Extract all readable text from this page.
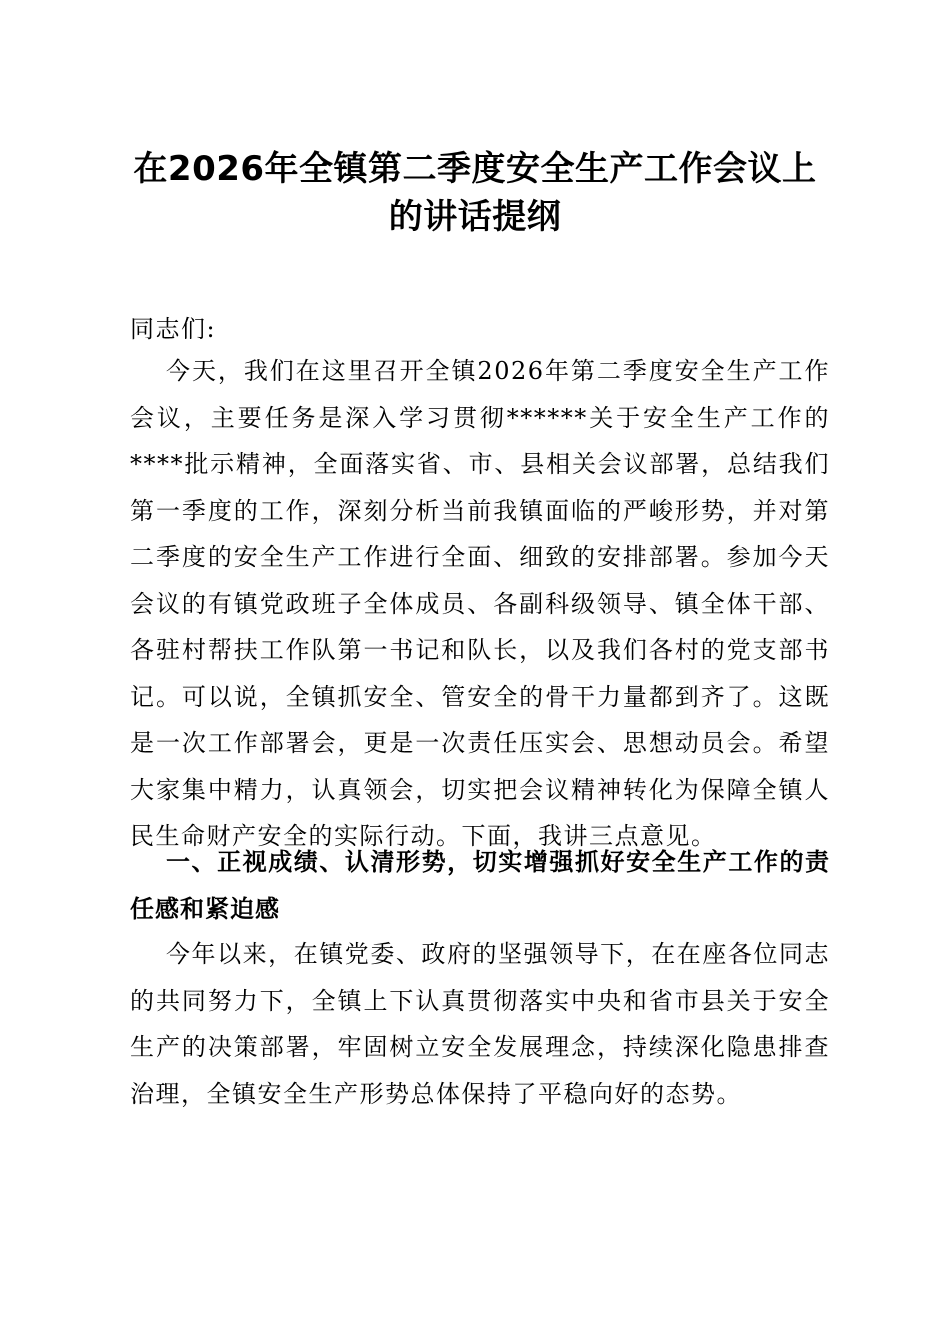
在2026年全镇第二季度安全生产工作会议上的讲话提纲
同志们:
今天，我们在这里召开全镇2026年第二季度安全生产工作会议，主要任务是深入学习贯彻******关于安全生产工作的****批示精神，全面落实省、市、县相关会议部署，总结我们第一季度的工作，深刻分析当前我镇面临的严峻形势，并对第二季度的安全生产工作进行全面、细致的安排部署。参加今天会议的有镇党政班子全体成员、各副科级领导、镇全体干部、各驻村帮扶工作队第一书记和队长，以及我们各村的党支部书记。可以说，全镇抓安全、管安全的骨干力量都到齐了。这既是一次工作部署会，更是一次责任压实会、思想动员会。希望大家集中精力，认真领会，切实把会议精神转化为保障全镇人民生命财产安全的实际行动。下面，我讲三点意见。
一、正视成绩、认清形势，切实增强抓好安全生产工作的责任感和紧迫感
今年以来，在镇党委、政府的坚强领导下，在在座各位同志的共同努力下，全镇上下认真贯彻落实中央和省市县关于安全生产的决策部署，牢固树立安全发展理念，持续深化隐患排查治理，全镇安全生产形势总体保持了平稳向好的态势。
